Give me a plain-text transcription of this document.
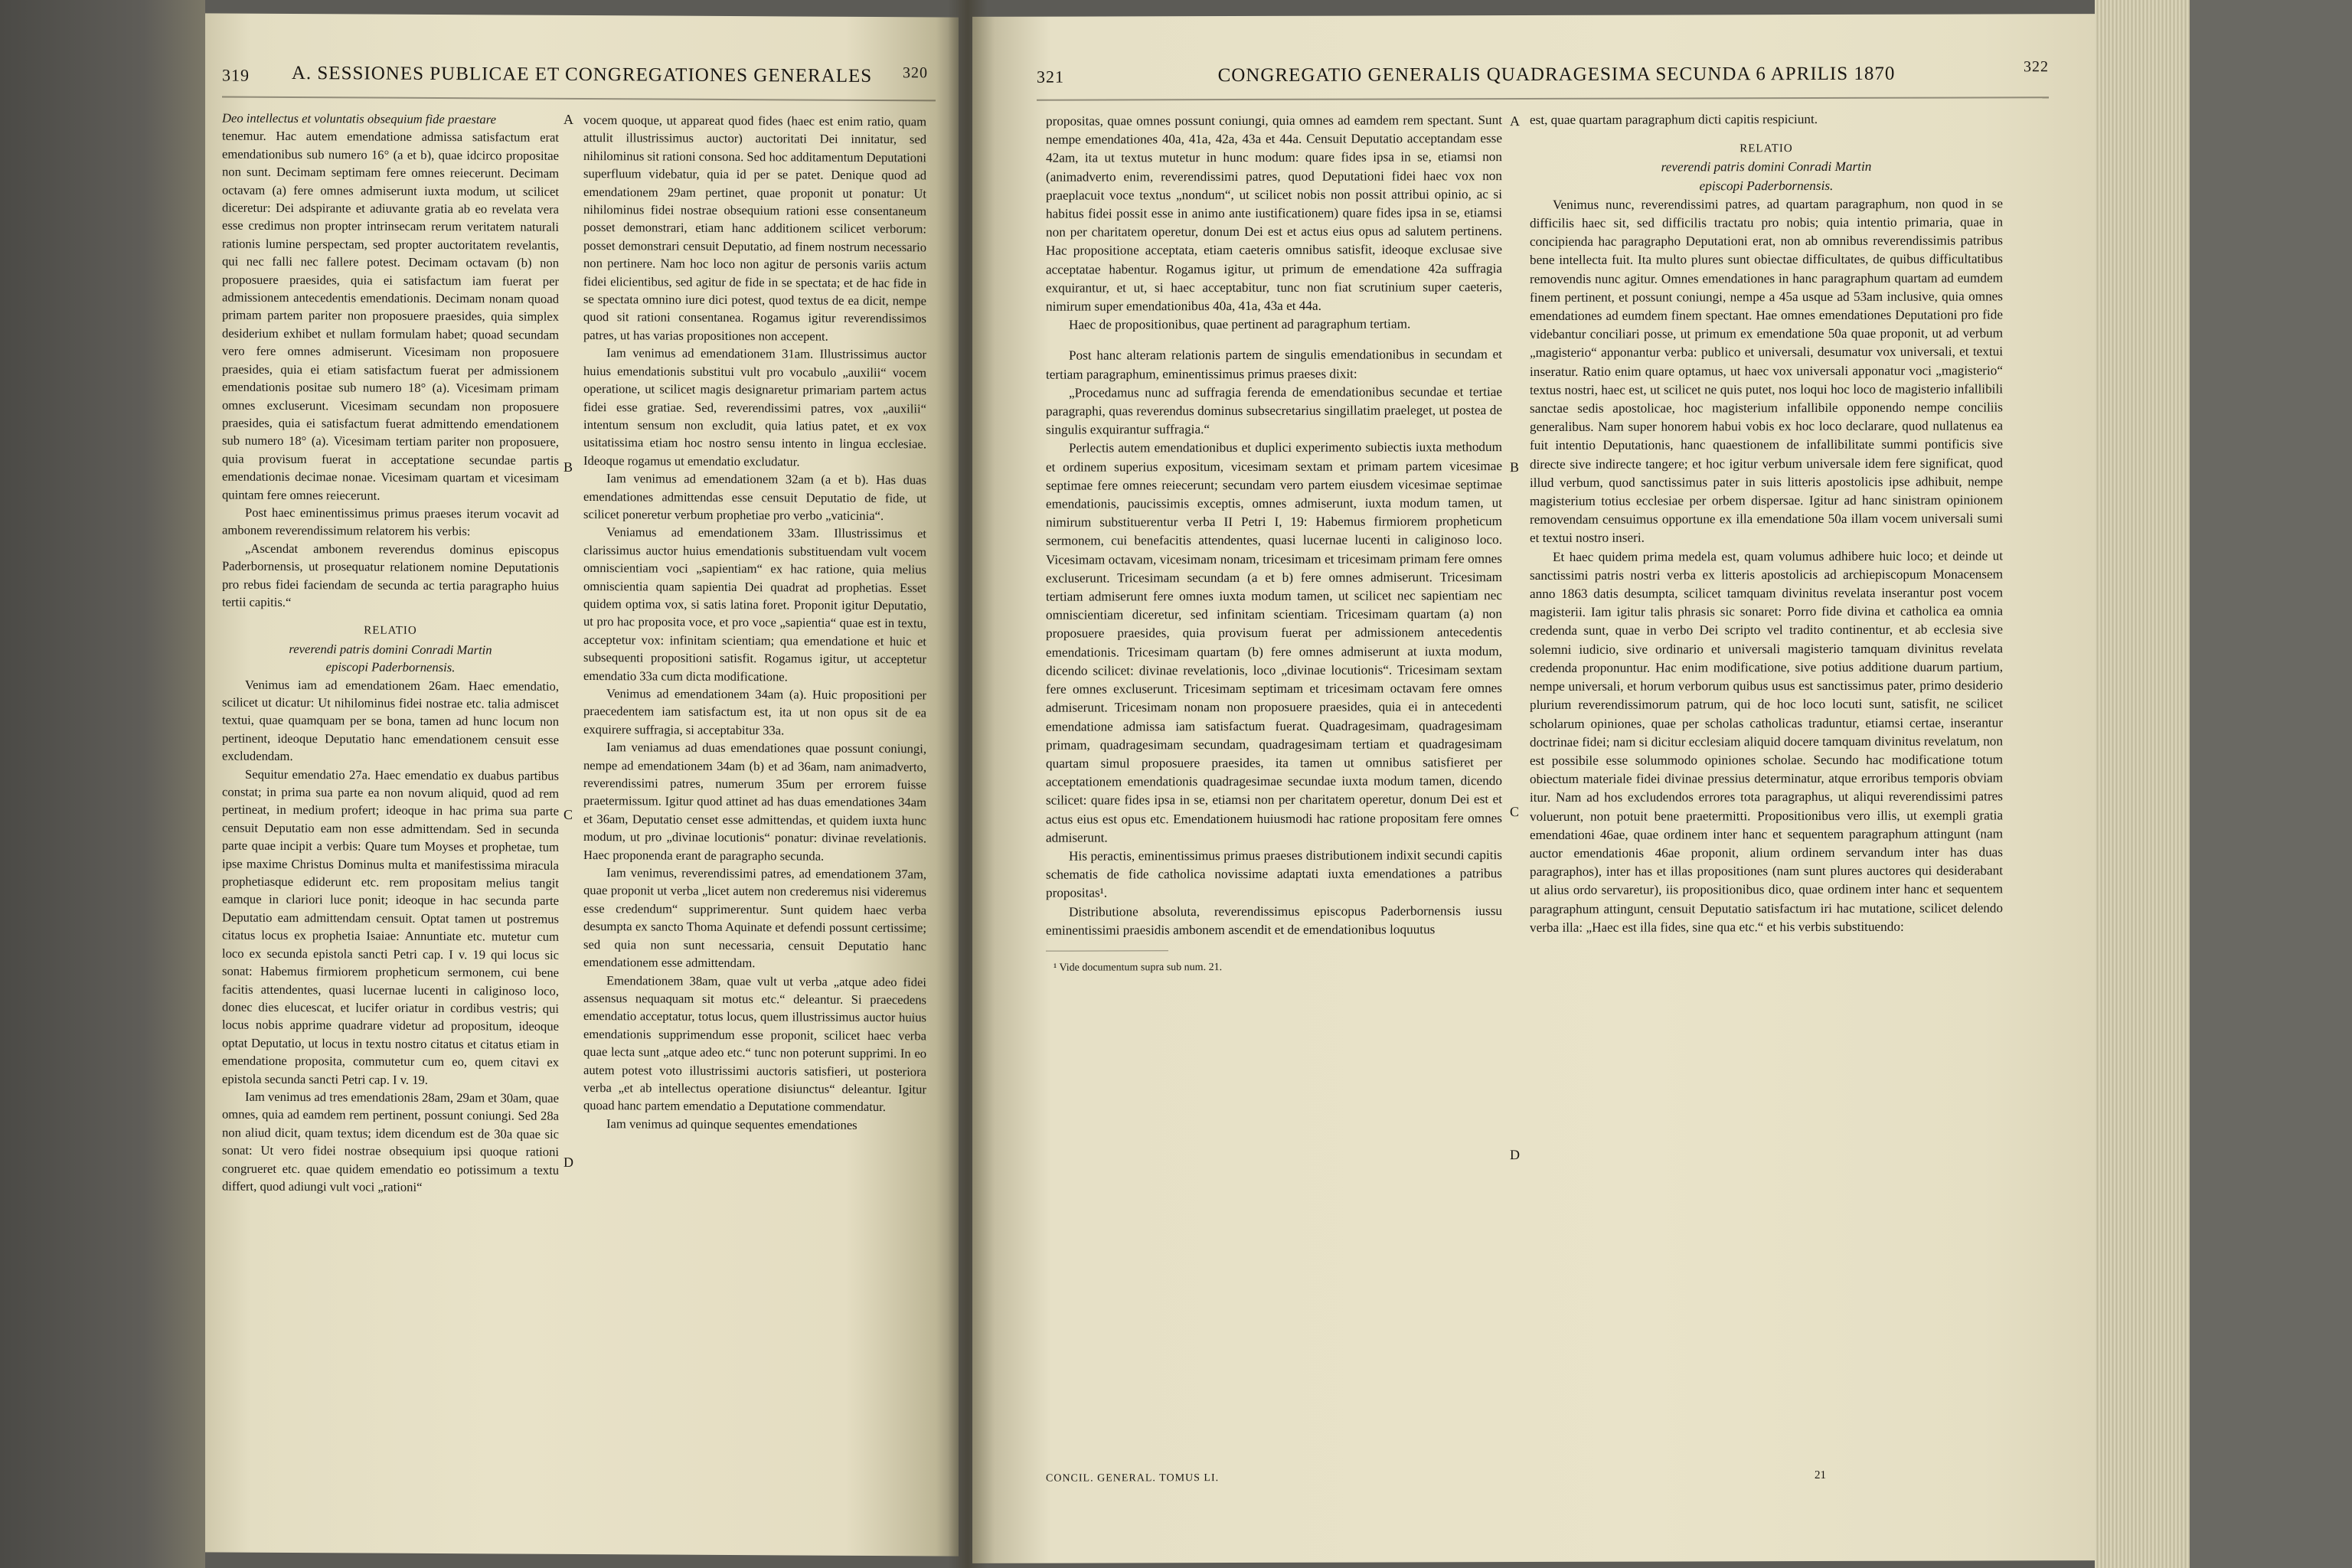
319	A. SESSIONES PUBLICAE ET CONGREGATIONES GENERALES	320

Deo intellectus et voluntatis obsequium fide praestare

tenemur. Hac autem emendatione admissa satisfactum erat emendationibus sub numero 16° (a et b), quae idcirco propositae non sunt. Decimam septimam fere omnes reiecerunt. Decimam octavam (a) fere omnes admiserunt iuxta modum, ut scilicet diceretur: Dei adspirante et adiuvante gratia ab eo revelata vera esse credimus non propter intrinsecam rerum veritatem naturali rationis lumine perspectam, sed propter auctoritatem revelantis, qui nec falli nec fallere potest. Decimam octavam (b) non proposuere praesides, quia ei satisfactum iam fuerat per admissionem antecedentis emendationis. Decimam nonam quoad primam partem pariter non proposuere praesides, quia simplex desiderium exhibet et nullam formulam habet; quoad secundam vero fere omnes admiserunt. Vicesimam non proposuere praesides, quia ei etiam satisfactum fuerat per admissionem emendationis positae sub numero 18° (a). Vicesimam primam omnes excluserunt. Vicesimam secundam non proposuere praesides, quia ei satisfactum fuerat admittendo emendationem sub numero 18° (a). Vicesimam tertiam pariter non proposuere, quia provisum fuerat in acceptatione secundae partis emendationis decimae nonae. Vicesimam quartam et vicesimam quintam fere omnes reiecerunt.

Post haec eminentissimus primus praeses iterum vocavit ad ambonem reverendissimum relatorem his verbis:

„Ascendat ambonem reverendus dominus episcopus Paderbornensis, ut prosequatur relationem nomine Deputationis pro rebus fidei faciendam de secunda ac tertia paragrapho huius tertii capitis.“

RELATIO

reverendi patris domini Conradi Martin

episcopi Paderbornensis.

Venimus iam ad emendationem 26am. Haec emendatio, scilicet ut dicatur: Ut nihilominus fidei nostrae etc. talia admiscet textui, quae quamquam per se bona, tamen ad hunc locum non pertinent, ideoque Deputatio hanc emendationem censuit esse excludendam.

Sequitur emendatio 27a. Haec emendatio ex duabus partibus constat; in prima sua parte ea non novum aliquid, quod ad rem pertineat, in medium profert; ideoque in hac prima sua parte censuit Deputatio eam non esse admittendam. Sed in secunda parte quae incipit a verbis: Quare tum Moyses et prophetae, tum ipse maxime Christus Dominus multa et manifestissima miracula prophetiasque ediderunt etc. rem propositam melius tangit eamque in clariori luce ponit; ideoque in hac secunda parte Deputatio eam admittendam censuit. Optat tamen ut postremus citatus locus ex prophetia Isaiae: Annuntiate etc. mutetur cum loco ex secunda epistola sancti Petri cap. I v. 19 qui locus sic sonat: Habemus firmiorem propheticum sermonem, cui bene facitis attendentes, quasi lucernae lucenti in caliginoso loco, donec dies elucescat, et lucifer oriatur in cordibus vestris; qui locus nobis apprime quadrare videtur ad propositum, ideoque optat Deputatio, ut locus in textu nostro citatus et citatus etiam in emendatione proposita, commutetur cum eo, quem citavi ex epistola secunda sancti Petri cap. I v. 19.

Iam venimus ad tres emendationis 28am, 29am et 30am, quae omnes, quia ad eamdem rem pertinent, possunt coniungi. Sed 28a non aliud dicit, quam textus; idem dicendum est de 30a quae sic sonat: Ut vero fidei nostrae obsequium ipsi quoque rationi congrueret etc. quae quidem emendatio eo potissimum a textu differt, quod adiungi vult voci „rationi“

vocem quoque, ut appareat quod fides (haec est enim ratio, quam attulit illustrissimus auctor) auctoritati Dei innitatur, sed nihilominus sit rationi consona. Sed hoc additamentum Deputationi superfluum videbatur, quia id per se patet. Denique quod ad emendationem 29am pertinet, quae proponit ut ponatur: Ut nihilominus fidei nostrae obsequium rationi esse consentaneum posset demonstrari, etiam hanc additionem scilicet verborum: posset demonstrari censuit Deputatio, ad finem nostrum necessario non pertinere. Nam hoc loco non agitur de personis variis actum fidei elicientibus, sed agitur de fide in se spectata; et de hac fide in se spectata omnino iure dici potest, quod textus de ea dicit, nempe quod sit rationi consentanea. Rogamus igitur reverendissimos patres, ut has varias propositiones non accepent.

Iam venimus ad emendationem 31am. Illustrissimus auctor huius emendationis substitui vult pro vocabulo „auxilii“ vocem operatione, ut scilicet magis designaretur primariam partem actus fidei esse gratiae. Sed, reverendissimi patres, vox „auxilii“ intentum sensum non excludit, quia latius patet, et ex vox usitatissima etiam hoc nostro sensu intento in lingua ecclesiae. Ideoque rogamus ut emendatio excludatur.

Iam venimus ad emendationem 32am (a et b). Has duas emendationes admittendas esse censuit Deputatio de fide, ut scilicet poneretur verbum prophetiae pro verbo „vaticinia“.

Veniamus ad emendationem 33am. Illustrissimus et clarissimus auctor huius emendationis substituendam vult vocem omniscientiam voci „sapientiam“ ex hac ratione, quia melius omniscientia quam sapientia Dei quadrat ad prophetias. Esset quidem optima vox, si satis latina foret. Proponit igitur Deputatio, ut pro hac proposita voce, et pro voce „sapientia“ quae est in textu, acceptetur vox: infinitam scientiam; qua emendatione et huic et subsequenti propositioni satisfit. Rogamus igitur, ut acceptetur emendatio 33a cum dicta modificatione.

Venimus ad emendationem 34am (a). Huic propositioni per praecedentem iam satisfactum est, ita ut non opus sit de ea exquirere suffragia, si acceptabitur 33a.

Iam veniamus ad duas emendationes quae possunt coniungi, nempe ad emendationem 34am (b) et ad 36am, nam animadverto, reverendissimi patres, numerum 35um per errorem fuisse praetermissum. Igitur quod attinet ad has duas emendationes 34am et 36am, Deputatio censet esse admittendas, et quidem iuxta hunc modum, ut pro „divinae locutionis“ ponatur: divinae revelationis. Haec proponenda erant de paragrapho secunda.

Iam venimus, reverendissimi patres, ad emendationem 37am, quae proponit ut verba „licet autem non crederemus nisi videremus esse credendum“ supprimerentur. Sunt quidem haec verba desumpta ex sancto Thoma Aquinate et defendi possunt certissime; sed quia non sunt necessaria, censuit Deputatio hanc emendationem esse admittendam.

Emendationem 38am, quae vult ut verba „atque adeo fidei assensus nequaquam sit motus etc.“ deleantur. Si praecedens emendatio acceptatur, totus locus, quem illustrissimus auctor huius emendationis supprimendum esse proponit, scilicet haec verba quae lecta sunt „atque adeo etc.“ tunc non poterunt supprimi. In eo autem potest voto illustrissimi auctoris satisfieri, ut posteriora verba „et ab intellectus operatione disiunctus“ deleantur. Igitur quoad hanc partem emendatio a Deputatione commendatur.

Iam venimus ad quinque sequentes emendationes

A
B
C
D
321	CONGREGATIO GENERALIS QUADRAGESIMA SECUNDA 6 APRILIS 1870	322

propositas, quae omnes possunt coniungi, quia omnes ad eamdem rem spectant. Sunt nempe emendationes 40a, 41a, 42a, 43a et 44a. Censuit Deputatio acceptandam esse 42am, ita ut textus mutetur in hunc modum: quare fides ipsa in se, etiamsi non (animadverto enim, reverendissimi patres, quod Deputationi fidei haec vox non praeplacuit voce textus „nondum“, ut scilicet nobis non possit attribui opinio, ac si habitus fidei possit esse in animo ante iustificationem) quare fides ipsa in se, etiamsi non per charitatem operetur, donum Dei est et actus eius opus ad salutem pertinens. Hac propositione acceptata, etiam caeteris omnibus satisfit, ideoque exclusae sive acceptatae habentur. Rogamus igitur, ut primum de emendatione 42a suffragia exquirantur, et ut, si haec acceptabitur, tunc non fiat scrutinium super caeteris, nimirum super emendationibus 40a, 41a, 43a et 44a.

Haec de propositionibus, quae pertinent ad paragraphum tertiam.

Post hanc alteram relationis partem de singulis emendationibus in secundam et tertiam paragraphum, eminentissimus primus praeses dixit:

„Procedamus nunc ad suffragia ferenda de emendationibus secundae et tertiae paragraphi, quas reverendus dominus subsecretarius singillatim praeleget, ut postea de singulis exquirantur suffragia.“

Perlectis autem emendationibus et duplici experimento subiectis iuxta methodum et ordinem superius expositum, vicesimam sextam et primam partem vicesimae septimae fere omnes reiecerunt; secundam vero partem eiusdem vicesimae septimae emendationis, paucissimis exceptis, omnes admiserunt, iuxta modum tamen, ut nimirum substituerentur verba II Petri I, 19: Habemus firmiorem propheticum sermonem, cui benefacitis attendentes, quasi lucernae lucenti in caliginoso loco. Vicesimam octavam, vicesimam nonam, tricesimam et tricesimam primam fere omnes excluserunt. Tricesimam secundam (a et b) fere omnes admiserunt. Tricesimam tertiam admiserunt fere omnes iuxta modum tamen, ut scilicet nec sapientiam nec omniscientiam diceretur, sed infinitam scientiam. Tricesimam quartam (a) non proposuere praesides, quia provisum fuerat per admissionem antecedentis emendationis. Tricesimam quartam (b) fere omnes admiserunt at iuxta modum, dicendo scilicet: divinae revelationis, loco „divinae locutionis“. Tricesimam sextam fere omnes excluserunt. Tricesimam septimam et tricesimam octavam fere omnes admiserunt. Tricesimam nonam non proposuere praesides, quia ei in antecedenti emendatione admissa iam satisfactum fuerat. Quadragesimam, quadragesimam primam, quadragesimam secundam, quadragesimam tertiam et quadragesimam quartam simul proposuere praesides, ita tamen ut omnibus satisfieret per acceptationem emendationis quadragesimae secundae iuxta modum tamen, dicendo scilicet: quare fides ipsa in se, etiamsi non per charitatem operetur, donum Dei est et actus eius est opus etc. Emendationem huiusmodi hac ratione propositam fere omnes admiserunt.

His peractis, eminentissimus primus praeses distributionem indixit secundi capitis schematis de fide catholica novissime adaptati iuxta emendationes a patribus propositas¹.

Distributione absoluta, reverendissimus episcopus Paderbornensis iussu eminentissimi praesidis ambonem ascendit et de emendationibus loquutus

¹ Vide documentum supra sub num. 21.

est, quae quartam paragraphum dicti capitis respiciunt.

RELATIO

reverendi patris domini Conradi Martin

episcopi Paderbornensis.

Venimus nunc, reverendissimi patres, ad quartam paragraphum, non quod in se difficilis haec sit, sed difficilis tractatu pro nobis; quia intentio primaria, quae in concipienda hac paragrapho Deputationi erat, non ab omnibus reverendissimis patribus bene intellecta fuit. Ita multo plures sunt obiectae difficultates, de quibus difficultatibus removendis nunc agitur. Omnes emendationes in hanc paragraphum quartam ad eumdem finem pertinent, et possunt coniungi, nempe a 45a usque ad 53am inclusive, quia omnes emendationes ad eumdem finem spectant. Hae omnes emendationes Deputationi pro fide videbantur conciliari posse, ut primum ex emendatione 50a quae proponit, ut ad verbum „magisterio“ apponantur verba: publico et universali, desumatur vox universali, et textui inseratur. Ratio enim quare optamus, ut haec vox universali apponatur voci „magisterio“ textus nostri, haec est, ut scilicet ne quis putet, nos loqui hoc loco de magisterio infallibili sanctae sedis apostolicae, hoc magisterium infallibile opponendo nempe conciliis generalibus. Nam super honorem habui vobis ex hoc loco declarare, quod nullatenus ea fuit intentio Deputationis, hanc quaestionem de infallibilitate summi pontificis sive directe sive indirecte tangere; et hoc igitur verbum universale idem fere significat, quod illud verbum, quod sanctissimus pater in suis litteris apostolicis ipse adhibuit, nempe magisterium totius ecclesiae per orbem dispersae. Igitur ad hanc sinistram opinionem removendam censuimus opportune ex illa emendatione 50a illam vocem universali sumi et textui nostro inseri.

Et haec quidem prima medela est, quam volumus adhibere huic loco; et deinde ut sanctissimi patris nostri verba ex litteris apostolicis ad archiepiscopum Monacensem anno 1863 datis desumpta, scilicet tamquam divinitus revelata inserantur post vocem magisterii. Iam igitur talis phrasis sic sonaret: Porro fide divina et catholica ea omnia credenda sunt, quae in verbo Dei scripto vel tradito continentur, et ab ecclesia sive solemni iudicio, sive ordinario et universali magisterio tamquam divinitus revelata credenda proponuntur. Hac enim modificatione, sive potius additione duarum partium, nempe universali, et horum verborum quibus usus est sanctissimus pater, primo desiderio plurium reverendissimorum patrum, qui de hoc loco locuti sunt, satisfit, ne scilicet scholarum opiniones, quae per scholas catholicas traduntur, etiamsi certae, inserantur doctrinae fidei; nam si dicitur ecclesiam aliquid docere tamquam divinitus revelatum, non est possibile esse solummodo opiniones scholae. Secundo hac modificatione totum obiectum materiale fidei divinae pressius determinatur, atque erroribus temporis obviam itur. Nam ad hos excludendos errores tota paragraphus, ut aliqui reverendissimi patres voluerunt, non potuit bene praetermitti. Propositionibus vero illis, ut exempli gratia emendationi 46ae, quae ordinem inter hanc et sequentem paragraphum attingunt (nam auctor emendationis 46ae proponit, alium ordinem servandum inter has duas paragraphos), inter has et illas propositiones (nam sunt plures auctores qui desiderabant ut alius ordo servaretur), iis propositionibus dico, quae ordinem inter hanc et sequentem paragraphum attingunt, censuit Deputatio satisfactum iri hac mutatione, scilicet delendo verba illa: „Haec est illa fides, sine qua etc.“ et his verbis substituendo:

A
B
C
D
CONCIL. GENERAL. TOMUS LI.	21
